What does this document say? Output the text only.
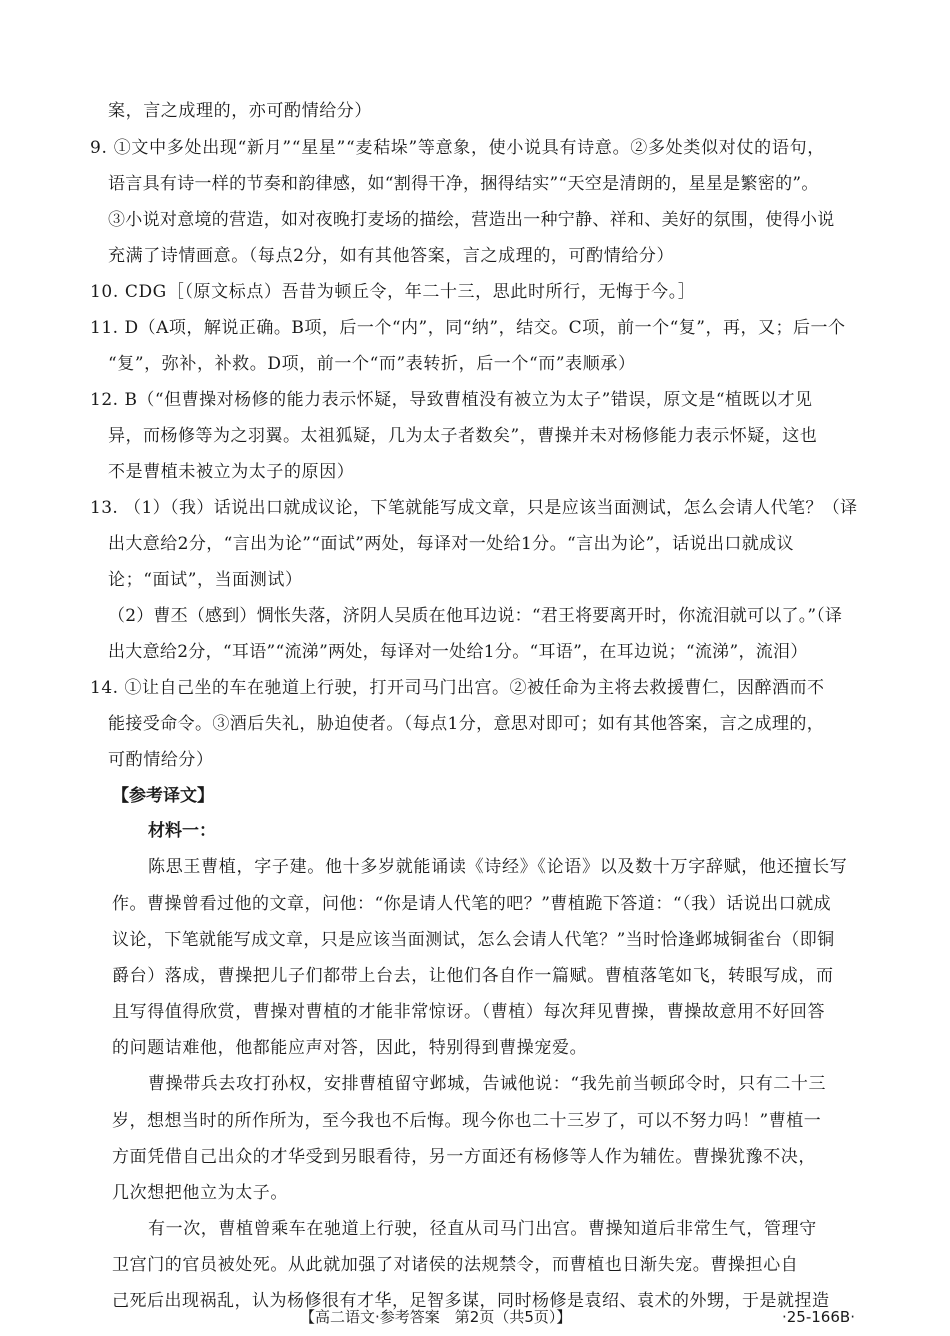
案，言之成理的，亦可酌情给分）
9. ①文中多处出现“新月”“星星”“麦秸垛”等意象，使小说具有诗意。②多处类似对仗的语句，
语言具有诗一样的节奏和韵律感，如“割得干净，捆得结实”“天空是清朗的，星星是繁密的”。
③小说对意境的营造，如对夜晚打麦场的描绘，营造出一种宁静、祥和、美好的氛围，使得小说
充满了诗情画意。（每点2分，如有其他答案，言之成理的，可酌情给分）
10. CDG［（原文标点）吾昔为顿丘令，年二十三，思此时所行，无悔于今。］
11. D（A项，解说正确。B项，后一个“内”，同“纳”，结交。C项，前一个“复”，再，又；后一个
“复”，弥补，补救。D项，前一个“而”表转折，后一个“而”表顺承）
12. B（“但曹操对杨修的能力表示怀疑，导致曹植没有被立为太子”错误，原文是“植既以才见
异，而杨修等为之羽翼。太祖狐疑，几为太子者数矣”，曹操并未对杨修能力表示怀疑，这也
不是曹植未被立为太子的原因）
13. （1）（我）话说出口就成议论，下笔就能写成文章，只是应该当面测试，怎么会请人代笔？（译
出大意给2分，“言出为论”“面试”两处，每译对一处给1分。“言出为论”，话说出口就成议
论；“面试”，当面测试）
（2）曹丕（感到）惆怅失落，济阴人吴质在他耳边说：“君王将要离开时，你流泪就可以了。”（译
出大意给2分，“耳语”“流涕”两处，每译对一处给1分。“耳语”，在耳边说；“流涕”，流泪）
14. ①让自己坐的车在驰道上行驶，打开司马门出宫。②被任命为主将去救援曹仁，因醉酒而不
能接受命令。③酒后失礼，胁迫使者。（每点1分，意思对即可；如有其他答案，言之成理的，
可酌情给分）
【参考译文】
材料一：
陈思王曹植，字子建。他十多岁就能诵读《诗经》《论语》以及数十万字辞赋，他还擅长写
作。曹操曾看过他的文章，问他：“你是请人代笔的吧？”曹植跪下答道：“（我）话说出口就成
议论，下笔就能写成文章，只是应该当面测试，怎么会请人代笔？”当时恰逢邺城铜雀台（即铜
爵台）落成，曹操把儿子们都带上台去，让他们各自作一篇赋。曹植落笔如飞，转眼写成，而
且写得值得欣赏，曹操对曹植的才能非常惊讶。（曹植）每次拜见曹操，曹操故意用不好回答
的问题诘难他，他都能应声对答，因此，特别得到曹操宠爱。
曹操带兵去攻打孙权，安排曹植留守邺城，告诫他说：“我先前当顿邱令时，只有二十三
岁，想想当时的所作所为，至今我也不后悔。现今你也二十三岁了，可以不努力吗！”曹植一
方面凭借自己出众的才华受到另眼看待，另一方面还有杨修等人作为辅佐。曹操犹豫不决，
几次想把他立为太子。
有一次，曹植曾乘车在驰道上行驶，径直从司马门出宫。曹操知道后非常生气，管理守
卫宫门的官员被处死。从此就加强了对诸侯的法规禁令，而曹植也日渐失宠。曹操担心自
己死后出现祸乱，认为杨修很有才华，足智多谋，同时杨修是袁绍、袁术的外甥，于是就捏造
【高二语文·参考答案　第2页（共5页）】	·25-166B·
